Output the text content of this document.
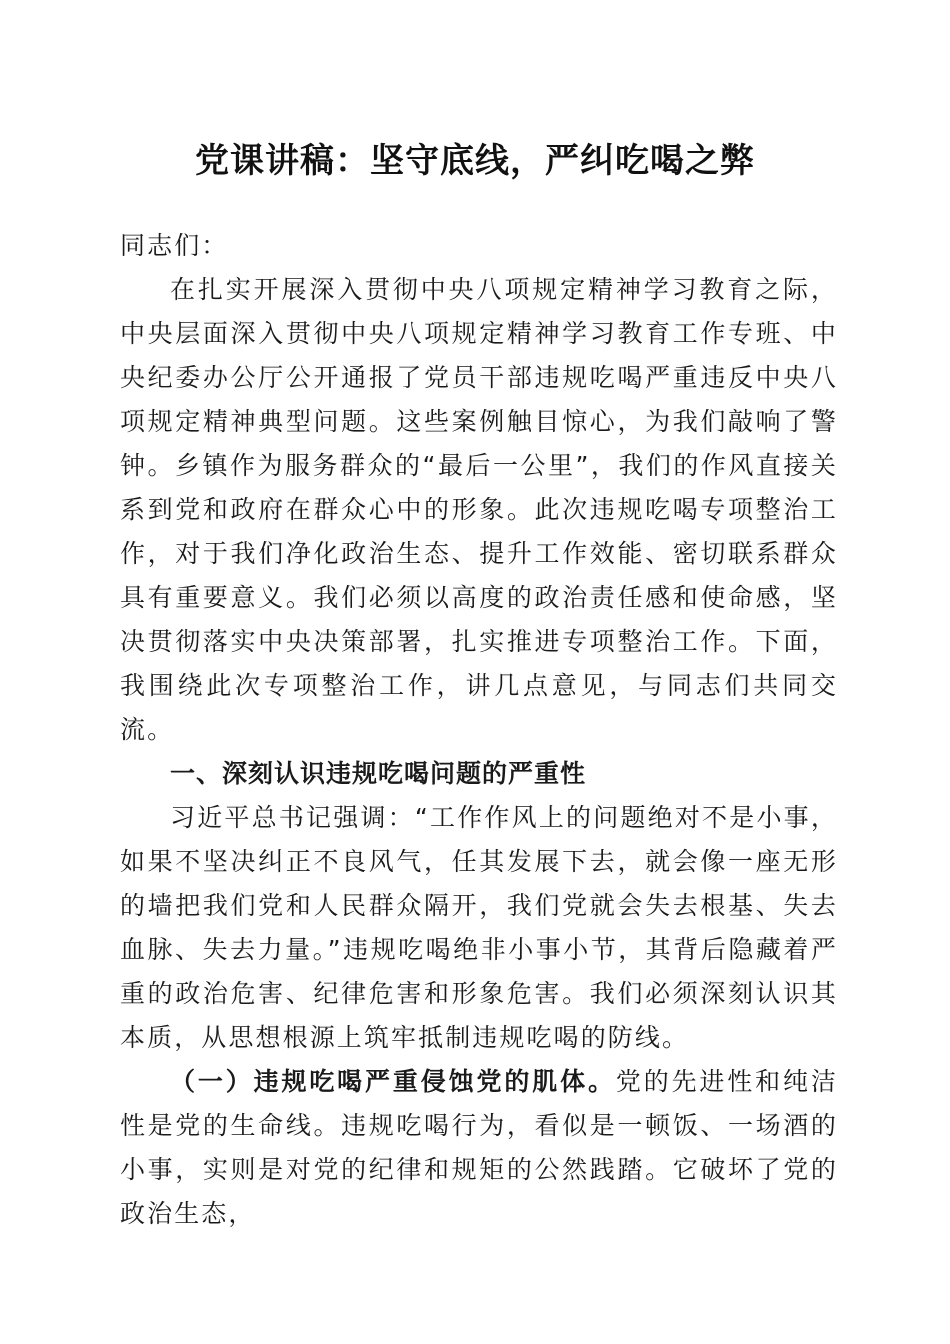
党课讲稿：坚守底线，严纠吃喝之弊

同志们：

在扎实开展深入贯彻中央八项规定精神学习教育之际，中央层面深入贯彻中央八项规定精神学习教育工作专班、中央纪委办公厅公开通报了党员干部违规吃喝严重违反中央八项规定精神典型问题。这些案例触目惊心，为我们敲响了警钟。乡镇作为服务群众的“最后一公里”，我们的作风直接关系到党和政府在群众心中的形象。此次违规吃喝专项整治工作，对于我们净化政治生态、提升工作效能、密切联系群众具有重要意义。我们必须以高度的政治责任感和使命感，坚决贯彻落实中央决策部署，扎实推进专项整治工作。下面，我围绕此次专项整治工作，讲几点意见，与同志们共同交流。

一、深刻认识违规吃喝问题的严重性

习近平总书记强调：“工作作风上的问题绝对不是小事，如果不坚决纠正不良风气，任其发展下去，就会像一座无形的墙把我们党和人民群众隔开，我们党就会失去根基、失去血脉、失去力量。”违规吃喝绝非小事小节，其背后隐藏着严重的政治危害、纪律危害和形象危害。我们必须深刻认识其本质，从思想根源上筑牢抵制违规吃喝的防线。

（一）违规吃喝严重侵蚀党的肌体。党的先进性和纯洁性是党的生命线。违规吃喝行为，看似是一顿饭、一场酒的小事，实则是对党的纪律和规矩的公然践踏。它破坏了党的政治生态，
